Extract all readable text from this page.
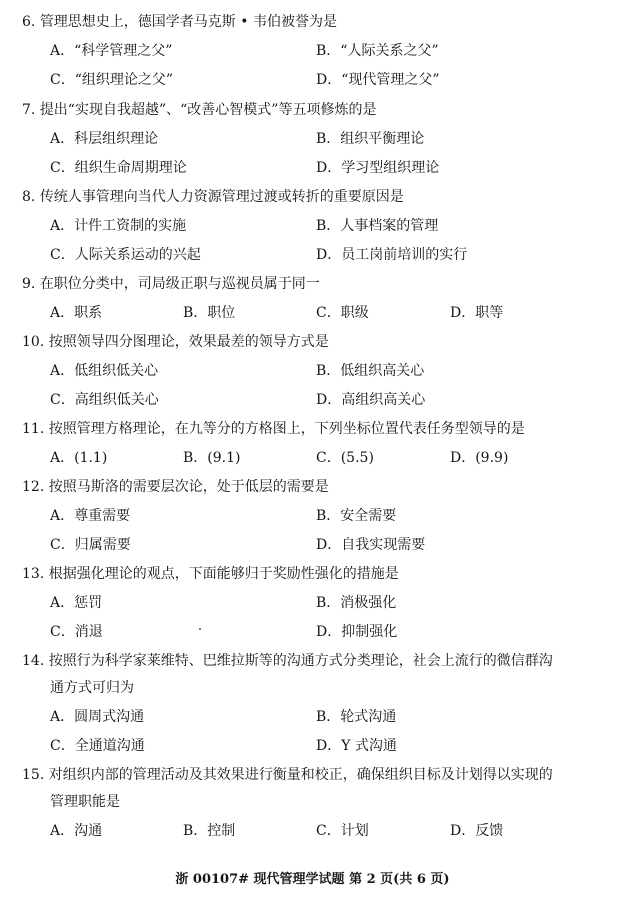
6. 管理思想史上，德国学者马克斯 • 韦伯被誉为是
A．“科学管理之父”	B．“人际关系之父”
C．“组织理论之父”	D．“现代管理之父”
7. 提出“实现自我超越”、“改善心智模式”等五项修炼的是
A．科层组织理论	B．组织平衡理论
C．组织生命周期理论	D．学习型组织理论
8. 传统人事管理向当代人力资源管理过渡或转折的重要原因是
A．计件工资制的实施	B．人事档案的管理
C．人际关系运动的兴起	D．员工岗前培训的实行
9. 在职位分类中，司局级正职与巡视员属于同一
A．职系	B．职位	C．职级	D．职等
10. 按照领导四分图理论，效果最差的领导方式是
A．低组织低关心	B．低组织高关心
C．高组织低关心	D．高组织高关心
11. 按照管理方格理论，在九等分的方格图上，下列坐标位置代表任务型领导的是
A．(1.1)	B．(9.1)	C．(5.5)	D．(9.9)
12. 按照马斯洛的需要层次论，处于低层的需要是
A．尊重需要	B．安全需要
C．归属需要	D．自我实现需要
13. 根据强化理论的观点，下面能够归于奖励性强化的措施是
A．惩罚	B．消极强化
C．消退	D．抑制强化
14. 按照行为科学家莱维特、巴维拉斯等的沟通方式分类理论，社会上流行的微信群沟
通方式可归为
A．圆周式沟通	B．轮式沟通
C．全通道沟通	D．Y 式沟通
15. 对组织内部的管理活动及其效果进行衡量和校正，确保组织目标及计划得以实现的
管理职能是
A．沟通	B．控制	C．计划	D．反馈
浙 00107# 现代管理学试题 第 2 页(共 6 页)
